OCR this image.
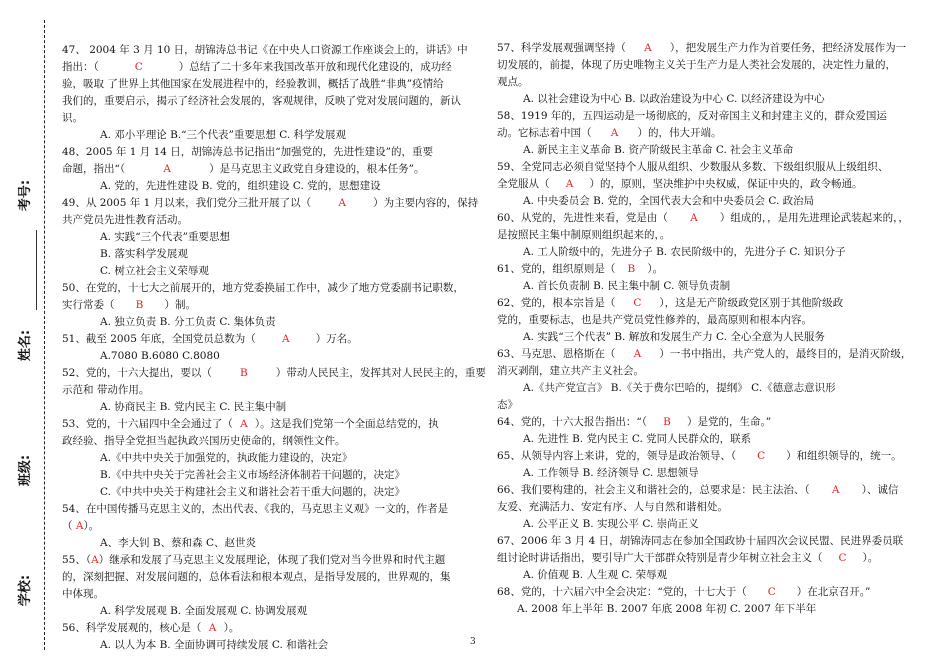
考号:
姓名:
班级:
学校:
47、 2004 年 3 月 10 日，胡锦涛总书记《在中央人口资源工作座谈会上的，讲话》中
指出：（	C	）总结了二十多年来我国改革开放和现代化建设的，成功经
验，吸取 了世界上其他国家在发展进程中的，经验教训，概括了战胜“非典”疫情给
我们的，重要启示，揭示了经济社会发展的，客观规律，反映了党对发展问题的，新认
识。
A. 邓小平理论 B.“三个代表”重要思想 C. 科学发展观
48、2005 年 1 月 14 日，胡锦涛总书记指出“加强党的，先进性建设”的，重要
命题，指出“（	A	）是马克思主义政党自身建设的，根本任务”。
A. 党的，先进性建设 B. 党的，组织建设 C. 党的，思想建设
49、从 2005 年 1 月以来，我们党分三批开展了以（	A	）为主要内容的，保持
共产党员先进性教育活动。
A. 实践“三个代表”重要思想
B. 落实科学发展观
C. 树立社会主义荣辱观
50、在党的，十七大之前展开的，地方党委换届工作中，减少了地方党委副书记职数，
实行常委（ B ）制。
A. 独立负责 B. 分工负责 C. 集体负责
51、截至 2005 年底，全国党员总数为（ A ）万名。
A.7080 B.6080 C.8080
52、党的，十六大提出，要以（	B	）带动人民民主，发挥其对人民民主的，重要
示范和 带动作用。
A. 协商民主 B. 党内民主 C. 民主集中制
53、党的，十六届四中全会通过了（ A ）。这是我们党第一个全面总结党的，执
政经验、指导全党担当起执政兴国历史使命的，纲领性文件。
A.《中共中央关于加强党的，执政能力建设的，决定》
B.《中共中央关于完善社会主义市场经济体制若干问题的，决定》
C.《中共中央关于构建社会主义和谐社会若干重大问题的，决定》
54、在中国传播马克思主义的，杰出代表、《我的，马克思主义观》一文的，作者是
（ A）。
A、李大钊 B、蔡和森 C、赵世炎
55、（A）继承和发展了马克思主义发展理论，体现了我们党对当今世界和时代主题
的，深刻把握、对发展问题的，总体看法和根本观点，是指导发展的，世界观的，集
中体现。
A. 科学发展观 B. 全面发展观 C. 协调发展观
56、科学发展观的，核心是（ A ）。
A. 以人为本 B. 全面协调可持续发展 C. 和谐社会
57、科学发展观强调坚持（ A ），把发展生产力作为首要任务，把经济发展作为一
切发展的，前提，体现了历史唯物主义关于生产力是人类社会发展的，决定性力量的，
观点。
A. 以社会建设为中心 B. 以政治建设为中心 C. 以经济建设为中心
58、1919 年的，五四运动是一场彻底的，反对帝国主义和封建主义的，群众爱国运
动。它标志着中国（ A ）的，伟大开端。
A. 新民主主义革命 B. 资产阶级民主革命 C. 社会主义革命
59、全党同志必须自觉坚持个人服从组织、少数服从多数、下级组织服从上级组织、
全党服从（ A ）的，原则，坚决维护中央权威，保证中央的，政令畅通。
A. 中央委员会 B. 党的，全国代表大会和中央委员会 C. 政治局
60、从党的，先进性来看，党是由（ A ）组成的，，是用先进理论武装起来的，，
是按照民主集中制原则组织起来的，。
A. 工人阶级中的，先进分子 B. 农民阶级中的，先进分子 C. 知识分子
61、党的，组织原则是（ B ）。
A. 首长负责制 B. 民主集中制 C. 领导负责制
62、党的，根本宗旨是（ C ），这是无产阶级政党区别于其他阶级政
党的，重要标志，也是共产党员党性修养的，最高原则和根本内容。
A. 实践“三个代表” B. 解放和发展生产力 C. 全心全意为人民服务
63、马克思、恩格斯在（ A ）一书中指出，共产党人的，最终目的，是消灭阶级，
消灭剥削，建立共产主义社会。
A.《共产党宣言》 B.《关于费尔巴哈的，提纲》 C.《德意志意识形
态》
64、党的，十六大报告指出：“（ B ）是党的，生命。”
A. 先进性 B. 党内民主 C. 党同人民群众的，联系
65、从领导内容上来讲，党的，领导是政治领导、（ C ）和组织领导的，统一。
A. 工作领导 B. 经济领导 C. 思想领导
66、我们要构建的，社会主义和谐社会的，总要求是：民主法治、（ A ）、诚信
友爱、充满活力、安定有序、人与自然和谐相处。
A. 公平正义 B. 实现公平 C. 崇尚正义
67、2006 年 3 月 4 日，胡锦涛同志在参加全国政协十届四次会议民盟、民进界委员联
组讨论时讲话指出，要引导广大干部群众特别是青少年树立社会主义（ C ）。
A. 价值观 B. 人生观 C. 荣辱观
68、党的，十六届六中全会决定：“党的，十七大于（ C ）在北京召开。”
A. 2008 年上半年 B. 2007 年底 2008 年初 C. 2007 年下半年
3
